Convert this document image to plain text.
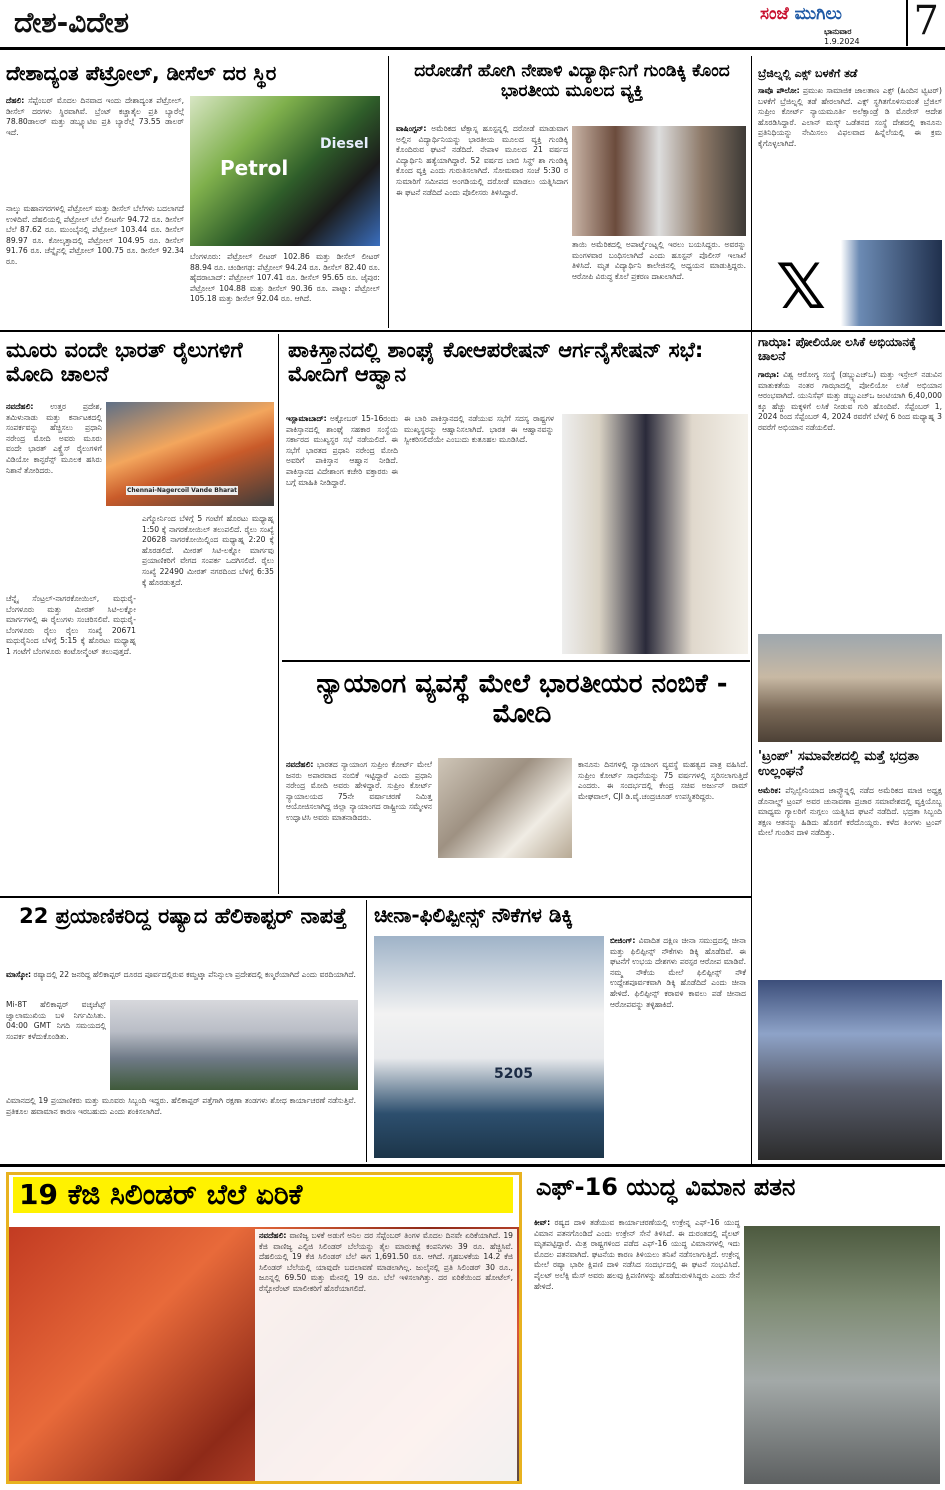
ದೇಶ-ವಿದೇಶ	ಸಂಜೆ ಮುಗಿಲು
ಭಾನುವಾರ
1.9.2024 7
ದೇಶಾದ್ಯಂತ ಪೆಟ್ರೋಲ್, ಡೀಸೆಲ್ ದರ ಸ್ಥಿರ
ದೆಹಲಿ: ಸೆಪ್ಟೆಂಬರ್ ಮೊದಲ ದಿನವಾದ ಇಂದು ದೇಶಾದ್ಯಂತ ಪೆಟ್ರೋಲ್, ಡೀಸೆಲ್ ದರಗಳು ಸ್ಥಿರವಾಗಿವೆ. ಬ್ರೆಂಟ್ ಕಚ್ಚಾತೈಲ ಪ್ರತಿ ಬ್ಯಾರೆಲ್ಗೆ 78.80ಡಾಲರ್ ಮತ್ತು ಡಬ್ಲ್ಯೂಟಿಐ ಪ್ರತಿ ಬ್ಯಾರೆಲ್ಗೆ 73.55 ಡಾಲರ್ ಇದೆ.
Petrol
Diesel
ನಾಲ್ಕು ಮಹಾನಗರಗಳಲ್ಲಿ ಪೆಟ್ರೋಲ್ ಮತ್ತು ಡೀಸೆಲ್ ಬೆಲೆಗಳು ಬದಲಾಗದೆ ಉಳಿದಿವೆ. ದೆಹಲಿಯಲ್ಲಿ ಪೆಟ್ರೋಲ್ ಬೆಲೆ ಲೀಟರ್ಗೆ 94.72 ರೂ. ಡೀಸೆಲ್ ಬೆಲೆ 87.62 ರೂ. ಮುಂಬೈನಲ್ಲಿ ಪೆಟ್ರೋಲ್ 103.44 ರೂ. ಡೀಸೆಲ್ 89.97 ರೂ. ಕೋಲ್ಕತ್ತಾದಲ್ಲಿ ಪೆಟ್ರೋಲ್ 104.95 ರೂ. ಡೀಸೆಲ್ 91.76 ರೂ. ಚೆನ್ನೈನಲ್ಲಿ ಪೆಟ್ರೋಲ್ 100.75 ರೂ. ಡೀಸೆಲ್ 92.34 ರೂ.
ಬೆಂಗಳೂರು: ಪೆಟ್ರೋಲ್ ಲೀಟರ್ 102.86 ಮತ್ತು ಡೀಸೆಲ್ ಲೀಟರ್ 88.94 ರೂ. ಚಂಡೀಗಢ: ಪೆಟ್ರೋಲ್ 94.24 ರೂ. ಡೀಸೆಲ್ 82.40 ರೂ. ಹೈದರಾಬಾದ್: ಪೆಟ್ರೋಲ್ 107.41 ರೂ. ಡೀಸೆಲ್ 95.65 ರೂ. ಜೈಪುರ: ಪೆಟ್ರೋಲ್ 104.88 ಮತ್ತು ಡೀಸೆಲ್ 90.36 ರೂ. ಪಾಟ್ನಾ: ಪೆಟ್ರೋಲ್ 105.18 ಮತ್ತು ಡೀಸೆಲ್ 92.04 ರೂ. ಆಗಿದೆ.
ದರೋಡೆಗೆ ಹೋಗಿ ನೇಪಾಳಿ ವಿದ್ಯಾರ್ಥಿನಿಗೆ ಗುಂಡಿಕ್ಕಿ ಕೊಂದ ಭಾರತೀಯ ಮೂಲದ ವ್ಯಕ್ತಿ
ವಾಷಿಂಗ್ಟನ್: ಅಮೆರಿಕದ ಟೆಕ್ಸಾಸ್ನ ಹೂಸ್ಟನ್ನಲ್ಲಿ ದರೋಡೆ ಮಾಡುವಾಗ ಅಲ್ಲಿನ ವಿದ್ಯಾರ್ಥಿನಿಯನ್ನು ಭಾರತೀಯ ಮೂಲದ ವ್ಯಕ್ತಿ ಗುಂಡಿಕ್ಕಿ ಕೊಂದಿರುವ ಘಟನೆ ನಡೆದಿದೆ. ನೇಪಾಳ ಮೂಲದ 21 ವರ್ಷದ ವಿದ್ಯಾರ್ಥಿನಿ ಹತ್ಯೆಯಾಗಿದ್ದಾರೆ. 52 ವರ್ಷದ ಬಾಬಿ ಸಿನ್ಹ್ ಶಾ ಗುಂಡಿಕ್ಕಿ ಕೊಂದ ವ್ಯಕ್ತಿ ಎಂದು ಗುರುತಿಸಲಾಗಿದೆ. ಸೋಮವಾರ ಸಂಜೆ 5:30 ರ ಸುಮಾರಿಗೆ ಸಮೀಪದ ಅಂಗಡಿಯಲ್ಲಿ ದರೋಡೆ ಮಾಡಲು ಯತ್ನಿಸಿದಾಗ ಈ ಘಟನೆ ನಡೆದಿದೆ ಎಂದು ಪೊಲೀಸರು ತಿಳಿಸಿದ್ದಾರೆ.
ತಾಯಿ ಅಮೆರಿಕದಲ್ಲಿ ಅಪಾರ್ಟ್ಮೆಂಟ್ನಲ್ಲಿ ಇರಲು ಬಯಸಿದ್ದರು. ಅವರನ್ನು ಮಂಗಳವಾರ ಬಂಧಿಸಲಾಗಿದೆ ಎಂದು ಹೂಸ್ಟನ್ ಪೊಲೀಸ್ ಇಲಾಖೆ ತಿಳಿಸಿದೆ. ಮೃತ ವಿದ್ಯಾರ್ಥಿನಿ ಕಾಲೇಜಿನಲ್ಲಿ ಅಧ್ಯಯನ ಮಾಡುತ್ತಿದ್ದರು. ಆರೋಪಿ ವಿರುದ್ಧ ಕೊಲೆ ಪ್ರಕರಣ ದಾಖಲಾಗಿದೆ.
ಬ್ರೆಜಿಲ್ನಲ್ಲಿ ಎಕ್ಸ್ ಬಳಕೆಗೆ ತಡೆ
ಸಾವೊ ಪೌಲೋ: ಪ್ರಮುಖ ಸಾಮಾಜಿಕ ಜಾಲತಾಣ ಎಕ್ಸ್ (ಹಿಂದಿನ ಟ್ವಿಟರ್) ಬಳಕೆಗೆ ಬ್ರೆಜಿಲ್ನಲ್ಲಿ ತಡೆ ಹೇರಲಾಗಿದೆ. ಎಕ್ಸ್ ಸ್ಥಗಿತಗೊಳಿಸುವಂತೆ ಬ್ರೆಜಿಲ್ ಸುಪ್ರೀಂ ಕೋರ್ಟ್ ನ್ಯಾಯಮೂರ್ತಿ ಅಲೆಕ್ಸಾಂಡ್ರೆ ಡಿ ಮೊರೇಸ್ ಆದೇಶ ಹೊರಡಿಸಿದ್ದಾರೆ. ಎಲಾನ್ ಮಸ್ಕ್ ಒಡೆತನದ ಸಂಸ್ಥೆ ದೇಶದಲ್ಲಿ ಕಾನೂನು ಪ್ರತಿನಿಧಿಯನ್ನು ನೇಮಿಸಲು ವಿಫಲವಾದ ಹಿನ್ನೆಲೆಯಲ್ಲಿ ಈ ಕ್ರಮ ಕೈಗೊಳ್ಳಲಾಗಿದೆ.
𝕏
ಮೂರು ವಂದೇ ಭಾರತ್ ರೈಲುಗಳಿಗೆ ಮೋದಿ ಚಾಲನೆ
ನವದೆಹಲಿ: ಉತ್ತರ ಪ್ರದೇಶ, ತಮಿಳುನಾಡು ಮತ್ತು ಕರ್ನಾಟಕದಲ್ಲಿ ಸಂಪರ್ಕವನ್ನು ಹೆಚ್ಚಿಸಲು ಪ್ರಧಾನಿ ನರೇಂದ್ರ ಮೋದಿ ಅವರು ಮೂರು ವಂದೇ ಭಾರತ್ ಎಕ್ಸ್ಪ್ರೆಸ್ ರೈಲುಗಳಿಗೆ ವಿಡಿಯೋ ಕಾನ್ಫರೆನ್ಸ್ ಮೂಲಕ ಹಸಿರು ನಿಶಾನೆ ತೋರಿದರು.
Chennai-Nagercoil Vande Bharat
ಚೆನ್ನೈ ಸೆಂಟ್ರಲ್-ನಾಗರಕೋಯಿಲ್, ಮಧುರೈ-ಬೆಂಗಳೂರು ಮತ್ತು ಮೀರತ್ ಸಿಟಿ-ಲಕ್ನೋ ಮಾರ್ಗಗಳಲ್ಲಿ ಈ ರೈಲುಗಳು ಸಂಚರಿಸಲಿವೆ. ಮಧುರೈ-ಬೆಂಗಳೂರು ರೈಲು ರೈಲು ಸಂಖ್ಯೆ 20671 ಮಧುರೈನಿಂದ ಬೆಳಿಗ್ಗೆ 5:15 ಕ್ಕೆ ಹೊರಟು ಮಧ್ಯಾಹ್ನ 1 ಗಂಟೆಗೆ ಬೆಂಗಳೂರು ಕಂಟೋನ್ಮೆಂಟ್ ತಲುಪುತ್ತದೆ.
ಎಗ್ಮೋರ್ನಿಂದ ಬೆಳಿಗ್ಗೆ 5 ಗಂಟೆಗೆ ಹೊರಟು ಮಧ್ಯಾಹ್ನ 1:50 ಕ್ಕೆ ನಾಗರಕೋಯಿಲ್ ತಲುಪಲಿದೆ. ರೈಲು ಸಂಖ್ಯೆ 20628 ನಾಗರಕೋಯಿಲ್ನಿಂದ ಮಧ್ಯಾಹ್ನ 2:20 ಕ್ಕೆ ಹೊರಡಲಿದೆ. ಮೀರತ್ ಸಿಟಿ-ಲಕ್ನೋ ಮಾರ್ಗವು ಪ್ರಯಾಣಿಕರಿಗೆ ವೇಗದ ಸಂಪರ್ಕ ಒದಗಿಸಲಿದೆ. ರೈಲು ಸಂಖ್ಯೆ 22490 ಮೀರತ್ ನಗರದಿಂದ ಬೆಳಿಗ್ಗೆ 6:35 ಕ್ಕೆ ಹೊರಡುತ್ತದೆ.
ಪಾಕಿಸ್ತಾನದಲ್ಲಿ ಶಾಂಘೈ ಕೋಆಪರೇಷನ್ ಆರ್ಗನೈಸೇಷನ್ ಸಭೆ: ಮೋದಿಗೆ ಆಹ್ವಾನ
ಇಸ್ಲಾಮಾಬಾದ್: ಅಕ್ಟೋಬರ್ 15-16ರಂದು ಪಾಕಿಸ್ತಾನದಲ್ಲಿ ಶಾಂಘೈ ಸಹಕಾರ ಸಂಸ್ಥೆಯ ಸರ್ಕಾರದ ಮುಖ್ಯಸ್ಥರ ಸಭೆ ನಡೆಯಲಿದೆ. ಈ ಸಭೆಗೆ ಭಾರತದ ಪ್ರಧಾನಿ ನರೇಂದ್ರ ಮೋದಿ ಅವರಿಗೆ ಪಾಕಿಸ್ತಾನ ಆಹ್ವಾನ ನೀಡಿದೆ. ಪಾಕಿಸ್ತಾನದ ವಿದೇಶಾಂಗ ಕಚೇರಿ ವಕ್ತಾರರು ಈ ಬಗ್ಗೆ ಮಾಹಿತಿ ನೀಡಿದ್ದಾರೆ.
ಈ ಬಾರಿ ಪಾಕಿಸ್ತಾನದಲ್ಲಿ ನಡೆಯುವ ಸಭೆಗೆ ಸದಸ್ಯ ರಾಷ್ಟ್ರಗಳ ಮುಖ್ಯಸ್ಥರನ್ನು ಆಹ್ವಾನಿಸಲಾಗಿದೆ. ಭಾರತ ಈ ಆಹ್ವಾನವನ್ನು ಸ್ವೀಕರಿಸಲಿದೆಯೇ ಎಂಬುದು ಕುತೂಹಲ ಮೂಡಿಸಿದೆ.
ನ್ಯಾಯಾಂಗ ವ್ಯವಸ್ಥೆ ಮೇಲೆ ಭಾರತೀಯರ ನಂಬಿಕೆ - ಮೋದಿ
ನವದೆಹಲಿ: ಭಾರತದ ನ್ಯಾಯಾಂಗ ಸುಪ್ರೀಂ ಕೋರ್ಟ್ ಮೇಲೆ ಜನರು ಅಪಾರವಾದ ನಂಬಿಕೆ ಇಟ್ಟಿದ್ದಾರೆ ಎಂದು ಪ್ರಧಾನಿ ನರೇಂದ್ರ ಮೋದಿ ಅವರು ಹೇಳಿದ್ದಾರೆ. ಸುಪ್ರೀಂ ಕೋರ್ಟ್ ನ್ಯಾಯಾಲಯದ 75ನೇ ವರ್ಷಾಚರಣೆ ನಿಮಿತ್ತ ಆಯೋಜಿಸಲಾಗಿದ್ದ ಜಿಲ್ಲಾ ನ್ಯಾಯಾಂಗದ ರಾಷ್ಟ್ರೀಯ ಸಮ್ಮೇಳನ ಉದ್ಘಾಟಿಸಿ ಅವರು ಮಾತನಾಡಿದರು.
ಕಾನೂನು ದಿನಗಳಲ್ಲಿ ನ್ಯಾಯಾಂಗ ವ್ಯವಸ್ಥೆ ಮಹತ್ವದ ಪಾತ್ರ ವಹಿಸಿದೆ. ಸುಪ್ರೀಂ ಕೋರ್ಟ್ ಸಾಧನೆಯನ್ನು 75 ವರ್ಷಗಳಲ್ಲಿ ಸ್ಮರಿಸಲಾಗುತ್ತಿದೆ ಎಂದರು. ಈ ಸಂದರ್ಭದಲ್ಲಿ ಕೇಂದ್ರ ಸಚಿವ ಅರ್ಜುನ್ ರಾಮ್ ಮೇಘವಾಲ್, CJI ಡಿ.ವೈ.ಚಂದ್ರಚೂಡ್ ಉಪಸ್ಥಿತರಿದ್ದರು.
ಗಾಝಾ: ಪೋಲಿಯೋ ಲಸಿಕೆ ಅಭಿಯಾನಕ್ಕೆ ಚಾಲನೆ
ಗಾಝಾ: ವಿಶ್ವ ಆರೋಗ್ಯ ಸಂಸ್ಥೆ (ಡಬ್ಲ್ಯುಎಚ್ಒ) ಮತ್ತು ಇಸ್ರೇಲ್ ನಡುವಿನ ಮಾತುಕತೆಯ ನಂತರ ಗಾಝಾದಲ್ಲಿ ಪೋಲಿಯೋ ಲಸಿಕೆ ಅಭಿಯಾನ ಆರಂಭವಾಗಿದೆ. ಯುನಿಸೆಫ್ ಮತ್ತು ಡಬ್ಲ್ಯುಎಚ್ಒ ಜಂಟಿಯಾಗಿ 6,40,000 ಕ್ಕೂ ಹೆಚ್ಚು ಮಕ್ಕಳಿಗೆ ಲಸಿಕೆ ನೀಡುವ ಗುರಿ ಹೊಂದಿವೆ. ಸೆಪ್ಟೆಂಬರ್ 1, 2024 ರಿಂದ ಸೆಪ್ಟೆಂಬರ್ 4, 2024 ರವರೆಗೆ ಬೆಳಿಗ್ಗೆ 6 ರಿಂದ ಮಧ್ಯಾಹ್ನ 3 ರವರೆಗೆ ಅಭಿಯಾನ ನಡೆಯಲಿದೆ.
'ಟ್ರಂಪ್' ಸಮಾವೇಶದಲ್ಲಿ ಮತ್ತೆ ಭದ್ರತಾ ಉಲ್ಲಂಘನೆ
ಅಮೆರಿಕ: ಪೆನ್ಸಿಲ್ವೇನಿಯಾದ ಜಾನ್ಸ್ಟೌನ್ನಲ್ಲಿ ನಡೆದ ಅಮೆರಿಕದ ಮಾಜಿ ಅಧ್ಯಕ್ಷ ಡೊನಾಲ್ಡ್ ಟ್ರಂಪ್ ಅವರ ಚುನಾವಣಾ ಪ್ರಚಾರ ಸಮಾವೇಶದಲ್ಲಿ ವ್ಯಕ್ತಿಯೊಬ್ಬ ಮಾಧ್ಯಮ ಗ್ಯಾಲರಿಗೆ ನುಗ್ಗಲು ಯತ್ನಿಸಿದ ಘಟನೆ ನಡೆದಿದೆ. ಭದ್ರತಾ ಸಿಬ್ಬಂದಿ ತಕ್ಷಣ ಆತನನ್ನು ಹಿಡಿದು ಹೊರಗೆ ಕರೆದೊಯ್ದರು. ಕಳೆದ ತಿಂಗಳು ಟ್ರಂಪ್ ಮೇಲೆ ಗುಂಡಿನ ದಾಳಿ ನಡೆದಿತ್ತು.
22 ಪ್ರಯಾಣಿಕರಿದ್ದ ರಷ್ಯಾದ ಹೆಲಿಕಾಪ್ಟರ್ ನಾಪತ್ತೆ
ಮಾಸ್ಕೋ: ರಷ್ಯಾದಲ್ಲಿ 22 ಜನರಿದ್ದ ಹೆಲಿಕಾಪ್ಟರ್ ದೂರದ ಪೂರ್ವದಲ್ಲಿರುವ ಕಮ್ಚಟ್ಕಾ ಪೆನಿನ್ಸುಲಾ ಪ್ರದೇಶದಲ್ಲಿ ಕಣ್ಮರೆಯಾಗಿದೆ ಎಂದು ವರದಿಯಾಗಿದೆ.
Mi-8T ಹೆಲಿಕಾಪ್ಟರ್ ವಚ್ಕಜೆಟ್ಸ್ ಜ್ವಾಲಾಮುಖಿಯ ಬಳಿ ನಿರ್ಗಮಿಸಿತು. 04:00 GMT ನಿಗದಿ ಸಮಯದಲ್ಲಿ ಸಂಪರ್ಕ ಕಳೆದುಕೊಂಡಿತು.
ವಿಮಾನದಲ್ಲಿ 19 ಪ್ರಯಾಣಿಕರು ಮತ್ತು ಮೂವರು ಸಿಬ್ಬಂದಿ ಇದ್ದರು. ಹೆಲಿಕಾಪ್ಟರ್ ಪತ್ತೆಗಾಗಿ ರಕ್ಷಣಾ ತಂಡಗಳು ಶೋಧ ಕಾರ್ಯಾಚರಣೆ ನಡೆಸುತ್ತಿವೆ. ಪ್ರತಿಕೂಲ ಹವಾಮಾನ ಕಾರಣ ಇರಬಹುದು ಎಂದು ಶಂಕಿಸಲಾಗಿದೆ.
ಚೀನಾ-ಫಿಲಿಪ್ಪೀನ್ಸ್ ನೌಕೆಗಳ ಡಿಕ್ಕಿ
5205
ಬೀಜಿಂಗ್: ವಿವಾದಿತ ದಕ್ಷಿಣ ಚೀನಾ ಸಮುದ್ರದಲ್ಲಿ ಚೀನಾ ಮತ್ತು ಫಿಲಿಪ್ಪೀನ್ಸ್ ನೌಕೆಗಳು ಡಿಕ್ಕಿ ಹೊಡೆದಿವೆ. ಈ ಘಟನೆಗೆ ಉಭಯ ದೇಶಗಳು ಪರಸ್ಪರ ಆರೋಪ ಮಾಡಿವೆ. ನಮ್ಮ ನೌಕೆಯ ಮೇಲೆ ಫಿಲಿಪ್ಪೀನ್ಸ್ ನೌಕೆ ಉದ್ದೇಶಪೂರ್ವಕವಾಗಿ ಡಿಕ್ಕಿ ಹೊಡೆದಿದೆ ಎಂದು ಚೀನಾ ಹೇಳಿದೆ. ಫಿಲಿಪ್ಪೀನ್ಸ್ ಕರಾವಳಿ ಕಾವಲು ಪಡೆ ಚೀನಾದ ಆರೋಪವನ್ನು ತಳ್ಳಿಹಾಕಿದೆ.
19 ಕೆಜಿ ಸಿಲಿಂಡರ್ ಬೆಲೆ ಏರಿಕೆ
ನವದೆಹಲಿ: ವಾಣಿಜ್ಯ ಬಳಕೆ ಅಡುಗೆ ಅನಿಲ ದರ ಸೆಪ್ಟೆಂಬರ್ ತಿಂಗಳ ಮೊದಲ ದಿನವೇ ಏರಿಕೆಯಾಗಿದೆ. 19 ಕೆಜಿ ವಾಣಿಜ್ಯ ಎಲ್ಪಿಜಿ ಸಿಲಿಂಡರ್ ಬೆಲೆಯನ್ನು ತೈಲ ಮಾರುಕಟ್ಟೆ ಕಂಪನಿಗಳು 39 ರೂ. ಹೆಚ್ಚಿಸಿವೆ. ದೆಹಲಿಯಲ್ಲಿ 19 ಕೆಜಿ ಸಿಲಿಂಡರ್ ಬೆಲೆ ಈಗ 1,691.50 ರೂ. ಆಗಿದೆ. ಗೃಹಬಳಕೆಯ 14.2 ಕೆಜಿ ಸಿಲಿಂಡರ್ ಬೆಲೆಯಲ್ಲಿ ಯಾವುದೇ ಬದಲಾವಣೆ ಮಾಡಲಾಗಿಲ್ಲ. ಜುಲೈನಲ್ಲಿ ಪ್ರತಿ ಸಿಲಿಂಡರ್ 30 ರೂ., ಜೂನ್ನಲ್ಲಿ 69.50 ಮತ್ತು ಮೇನಲ್ಲಿ 19 ರೂ. ಬೆಲೆ ಇಳಿಸಲಾಗಿತ್ತು. ದರ ಏರಿಕೆಯಿಂದ ಹೋಟೆಲ್, ರೆಸ್ಟೋರೆಂಟ್ ಮಾಲೀಕರಿಗೆ ಹೊರೆಯಾಗಲಿದೆ.
ಎಫ್-16 ಯುದ್ಧ ವಿಮಾನ ಪತನ
ಕೀವ್: ರಷ್ಯದ ದಾಳಿ ತಡೆಯುವ ಕಾರ್ಯಾಚರಣೆಯಲ್ಲಿ ಉಕ್ರೇನ್ನ ಎಫ್-16 ಯುದ್ಧ ವಿಮಾನ ಪತನಗೊಂಡಿದೆ ಎಂದು ಉಕ್ರೇನ್ ಸೇನೆ ತಿಳಿಸಿದೆ. ಈ ದುರಂತದಲ್ಲಿ ಪೈಲಟ್ ಮೃತಪಟ್ಟಿದ್ದಾರೆ. ಮಿತ್ರ ರಾಷ್ಟ್ರಗಳಿಂದ ಪಡೆದ ಎಫ್-16 ಯುದ್ಧ ವಿಮಾನಗಳಲ್ಲಿ ಇದು ಮೊದಲ ಪತನವಾಗಿದೆ. ಘಟನೆಯ ಕಾರಣ ತಿಳಿಯಲು ತನಿಖೆ ನಡೆಸಲಾಗುತ್ತಿದೆ. ಉಕ್ರೇನ್ನ ಮೇಲೆ ರಷ್ಯಾ ಭಾರೀ ಕ್ಷಿಪಣಿ ದಾಳಿ ನಡೆಸಿದ ಸಂದರ್ಭದಲ್ಲಿ ಈ ಘಟನೆ ಸಂಭವಿಸಿದೆ. ಪೈಲಟ್ ಅಲೆಕ್ಸಿ ಮೆಸ್ ಅವರು ಹಲವು ಕ್ಷಿಪಣಿಗಳನ್ನು ಹೊಡೆದುರುಳಿಸಿದ್ದರು ಎಂದು ಸೇನೆ ಹೇಳಿದೆ.
